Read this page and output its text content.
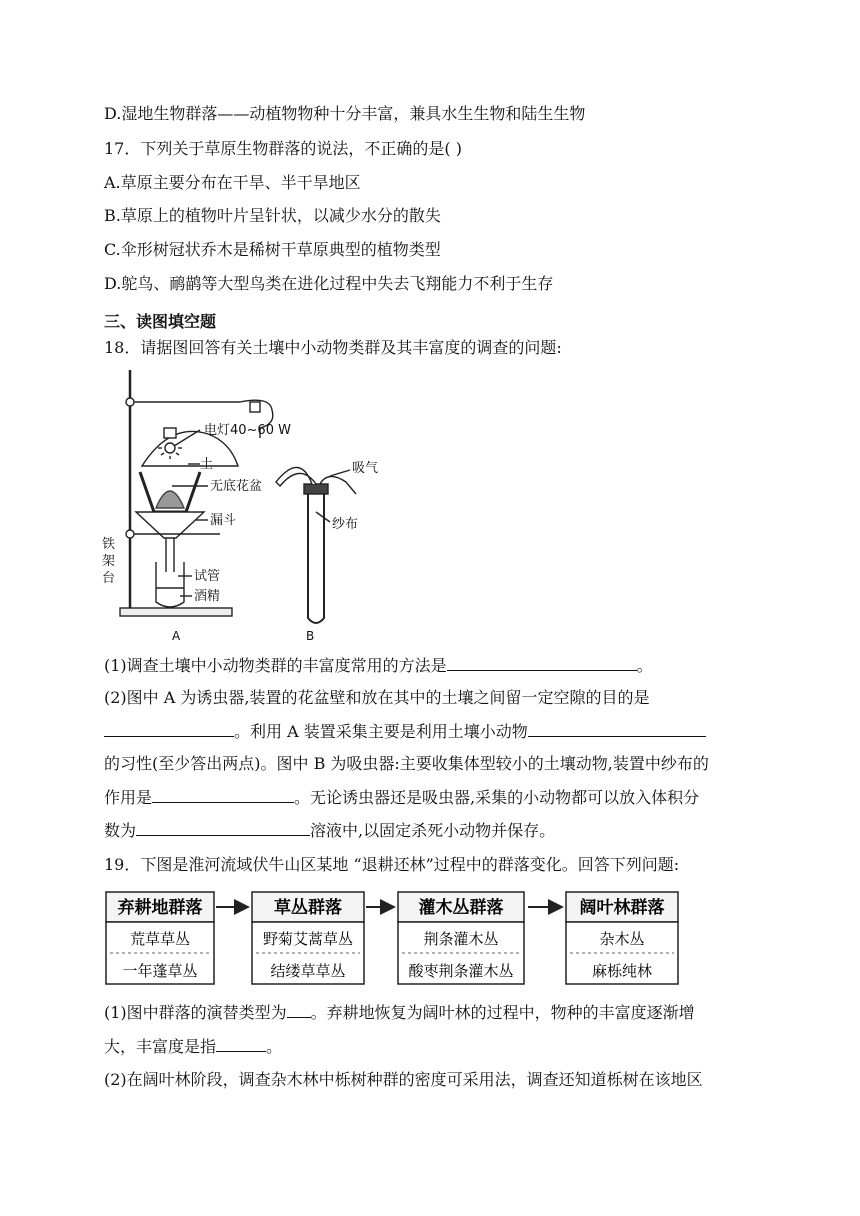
D.湿地生物群落——动植物物种十分丰富，兼具水生生物和陆生生物
17．下列关于草原生物群落的说法，不正确的是( )
A.草原主要分布在干旱、半干旱地区
B.草原上的植物叶片呈针状，以减少水分的散失
C.伞形树冠状乔木是稀树干草原典型的植物类型
D.鸵鸟、鸸鹋等大型鸟类在进化过程中失去飞翔能力不利于生存
三、读图填空题
18．请据图回答有关土壤中小动物类群及其丰富度的调查的问题:
电灯40~60 W
土
无底花盆
漏斗
铁
架
台	试管
酒精
吸气
纱布
A	B
(1)调查土壤中小动物类群的丰富度常用的方法是	。
(2)图中 A 为诱虫器,装置的花盆壁和放在其中的土壤之间留一定空隙的目的是
。利用 A 装置采集主要是利用土壤小动物
的习性(至少答出两点)。图中 B 为吸虫器:主要收集体型较小的土壤动物,装置中纱布的
作用是	。无论诱虫器还是吸虫器,采集的小动物都可以放入体积分
数为	溶液中,以固定杀死小动物并保存。
19．下图是淮河流域伏牛山区某地 “退耕还林”过程中的群落变化。回答下列问题:
弃耕地群落
荒草草丛
一年蓬草丛
草丛群落
野菊艾蒿草丛
结缕草草丛
灌木丛群落
荆条灌木丛
酸枣荆条灌木丛
阔叶林群落
杂木丛
麻栎纯林
(1)图中群落的演替类型为 。弃耕地恢复为阔叶林的过程中，物种的丰富度逐渐增
大，丰富度是指	。
(2)在阔叶林阶段，调查杂木林中栎树种群的密度可采用法，调查还知道栎树在该地区
